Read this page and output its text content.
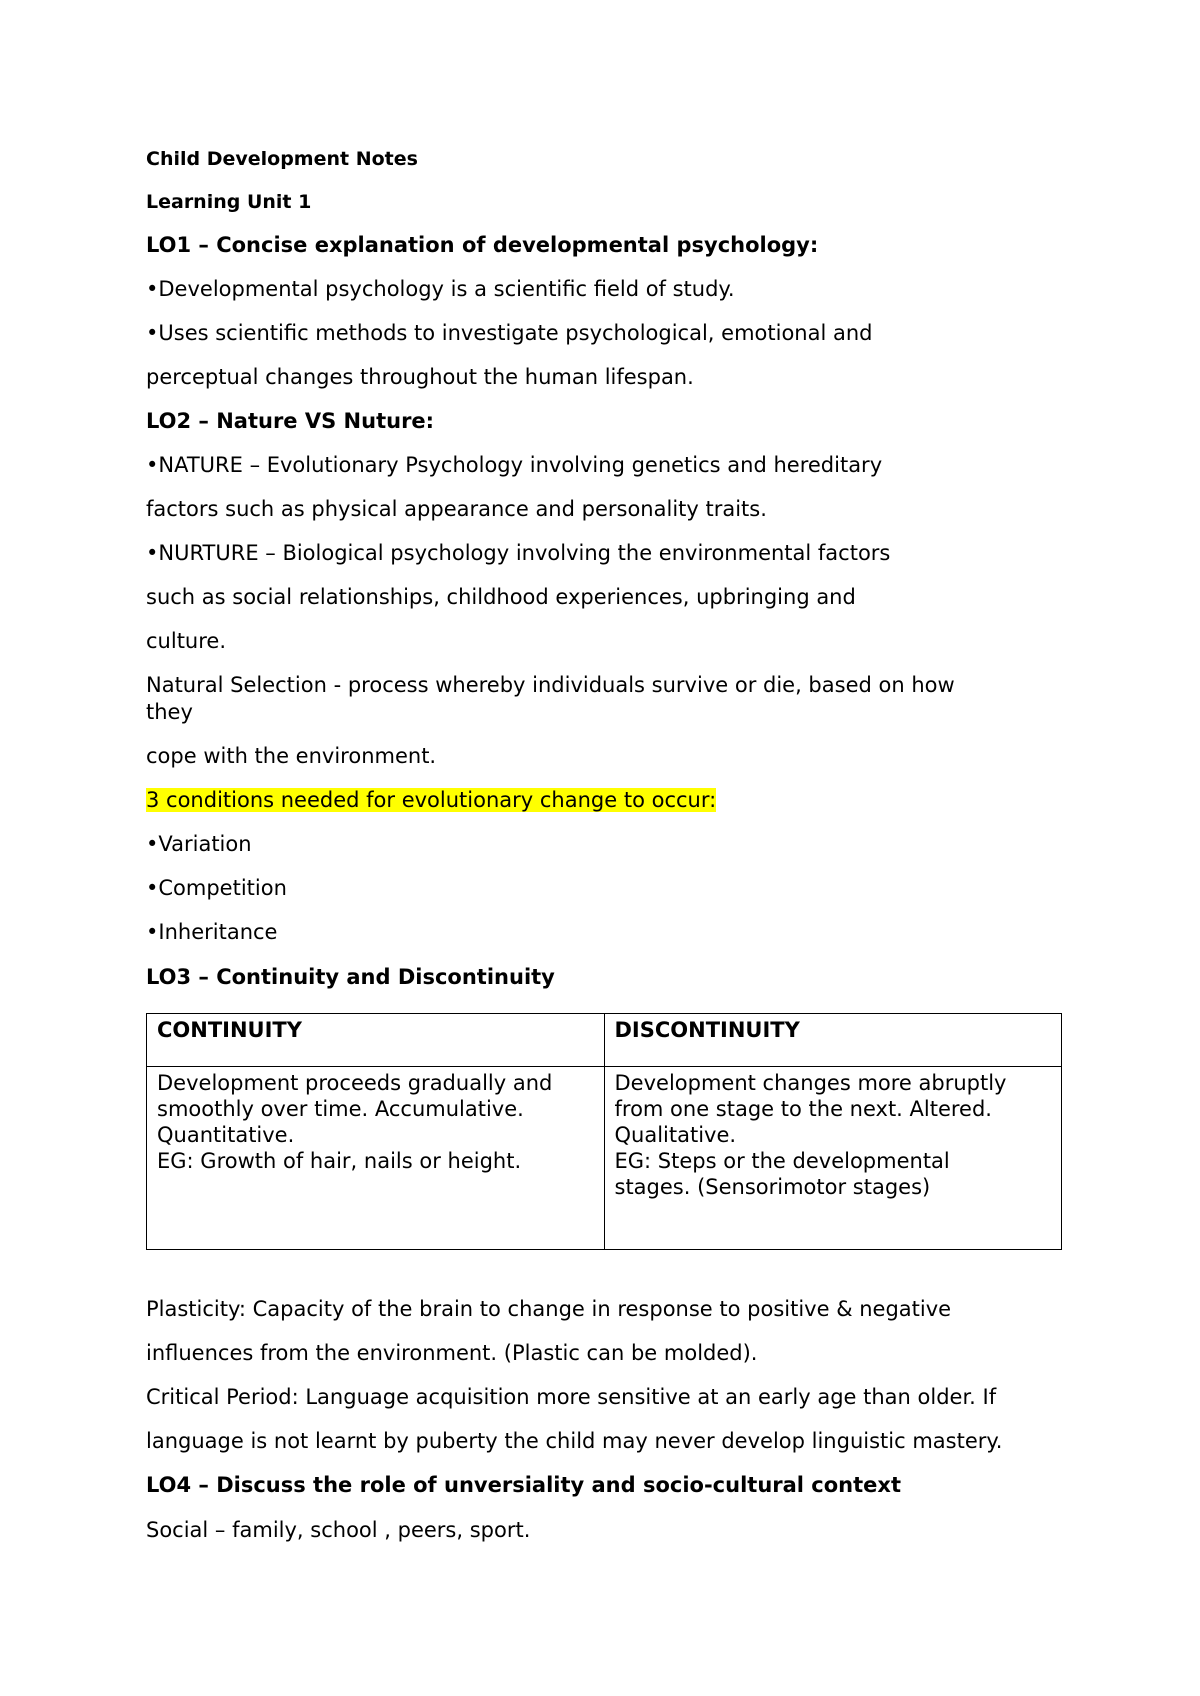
Child Development Notes
Learning Unit 1
LO1 – Concise explanation of developmental psychology:
•Developmental psychology is a scientific field of study.
•Uses scientific methods to investigate psychological, emotional and
perceptual changes throughout the human lifespan.
LO2 – Nature VS Nuture:
•NATURE – Evolutionary Psychology involving genetics and hereditary
factors such as physical appearance and personality traits.
•NURTURE – Biological psychology involving the environmental factors
such as social relationships, childhood experiences, upbringing and
culture.
Natural Selection - process whereby individuals survive or die, based on how
they
cope with the environment.
3 conditions needed for evolutionary change to occur:
•Variation
•Competition
•Inheritance
LO3 – Continuity and Discontinuity
CONTINUITY	DISCONTINUITY

Development proceeds gradually and
smoothly over time. Accumulative.
Quantitative.
EG: Growth of hair, nails or height.	Development changes more abruptly
from one stage to the next. Altered.
Qualitative.
EG: Steps or the developmental
stages. (Sensorimotor stages)
Plasticity: Capacity of the brain to change in response to positive & negative
influences from the environment. (Plastic can be molded).
Critical Period: Language acquisition more sensitive at an early age than older. If
language is not learnt by puberty the child may never develop linguistic mastery.
LO4 – Discuss the role of unversiality and socio-cultural context
Social – family, school , peers, sport.
